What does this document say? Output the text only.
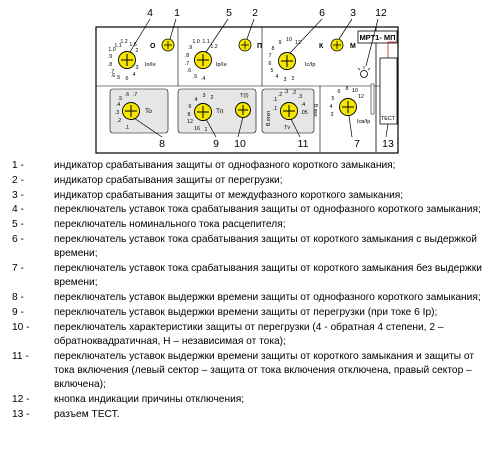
МРТ1- МП
ТЕСТ
1.1
1.2
1.0
1.5
.9
2
.8
.7
6
.5 4
.6
3
1.0 1.1
1.2
.9
.8
.7
.6
.5 .4
9 10 12
8
7
6
5
4 3 2
6 8 10
12
5
4
3
.6 .7
.4
.5
.3
.2
.1
4
6
8
12
16
3 2
1
.2 .3
.1
.2
.3
.4
.1
.05
Io/Iн	Ip/Iн	Iс/Ip
Iсв/Ip
To	Tп
T(I)
Tv
В.откл
В.вкл
О	П	К	М
1	2	3
4	5	6
7
8	9 10	11
12
13
1 -	индикатор срабатывания защиты от однофазного короткого замыкания;
2 -	индикатор срабатывания защиты от перегрузки;
3 -	индикатор срабатывания защиты от междуфазного короткого замыкания;
4 -	переключатель уставок тока срабатывания защиты от однофазного короткого замыкания;
5 -	переключатель номинального тока расцепителя;
6 -	переключатель уставок тока срабатывания защиты от короткого замыкания с выдержкой времени;
7 -	переключатель уставок тока срабатывания защиты от короткого замыкания без выдержки времени;
8 -	переключатель уставок выдержки времени защиты от однофазного короткого замыкания;
9 -	переключатель уставок выдержки времени защиты от перегрузки (при токе 6 Ip);
10 -	переключатель характеристики защиты от перегрузки (4 - обратная 4 степени, 2 – обратноквадратичная, Н – независимая от тока);
11 -	переключатель уставок выдержки времени защиты от короткого замыкания и защиты от тока включения (левый сектор – защита от тока включения отключена, правый сектор – включена);
12 -	кнопка индикации причины отключения;
13 -	разъем ТЕСТ.
